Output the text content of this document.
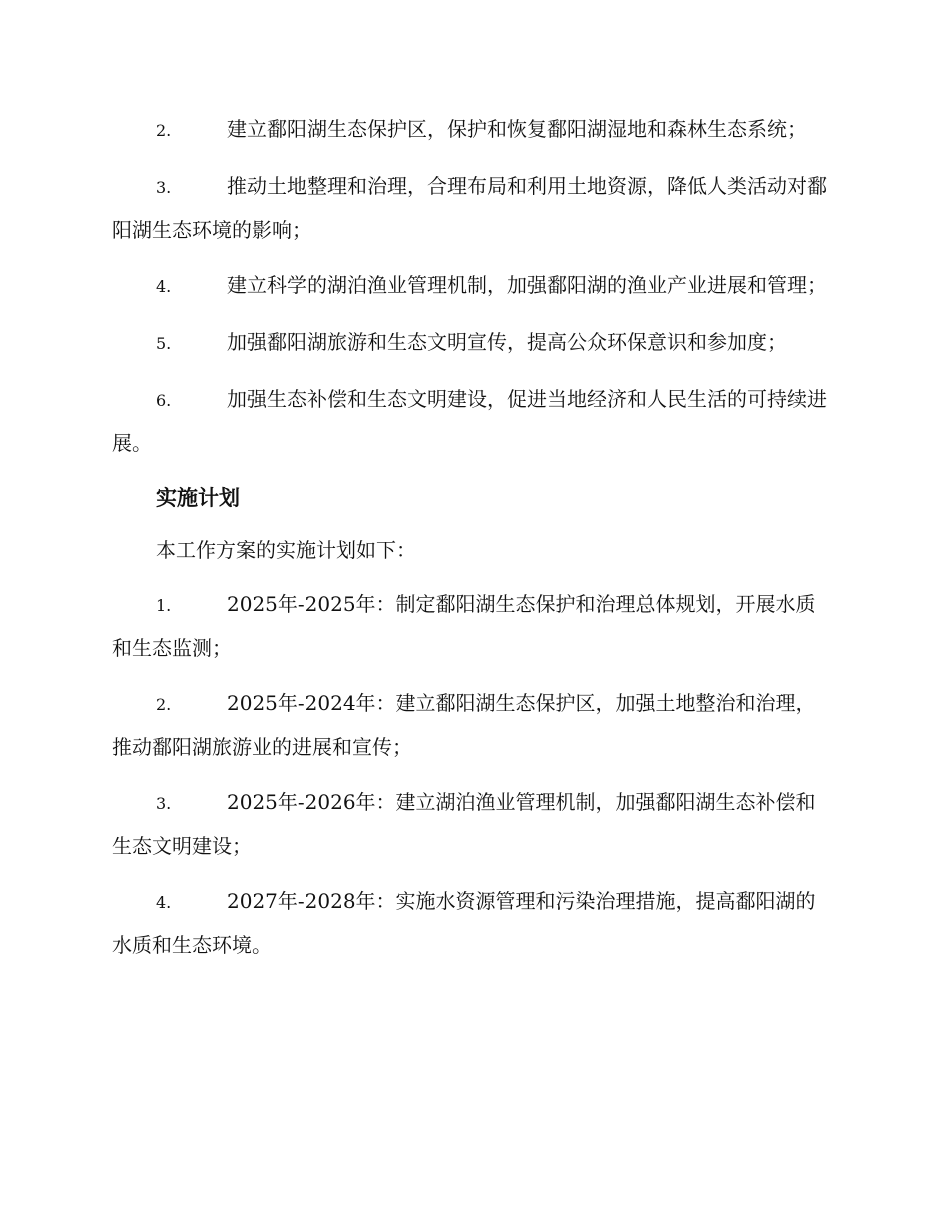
2.	建立鄱阳湖生态保护区，保护和恢复鄱阳湖湿地和森林生态系统；

3.	推动土地整理和治理，合理布局和利用土地资源，降低人类活动对鄱阳湖生态环境的影响；

4.	建立科学的湖泊渔业管理机制，加强鄱阳湖的渔业产业进展和管理；

5.	加强鄱阳湖旅游和生态文明宣传，提高公众环保意识和参加度；

6.	加强生态补偿和生态文明建设，促进当地经济和人民生活的可持续进展。

实施计划

本工作方案的实施计划如下：

1.	2025年-2025年：制定鄱阳湖生态保护和治理总体规划，开展水质和生态监测；

2.	2025年-2024年：建立鄱阳湖生态保护区，加强土地整治和治理，推动鄱阳湖旅游业的进展和宣传；

3.	2025年-2026年：建立湖泊渔业管理机制，加强鄱阳湖生态补偿和生态文明建设；

4.	2027年-2028年：实施水资源管理和污染治理措施，提高鄱阳湖的水质和生态环境。
